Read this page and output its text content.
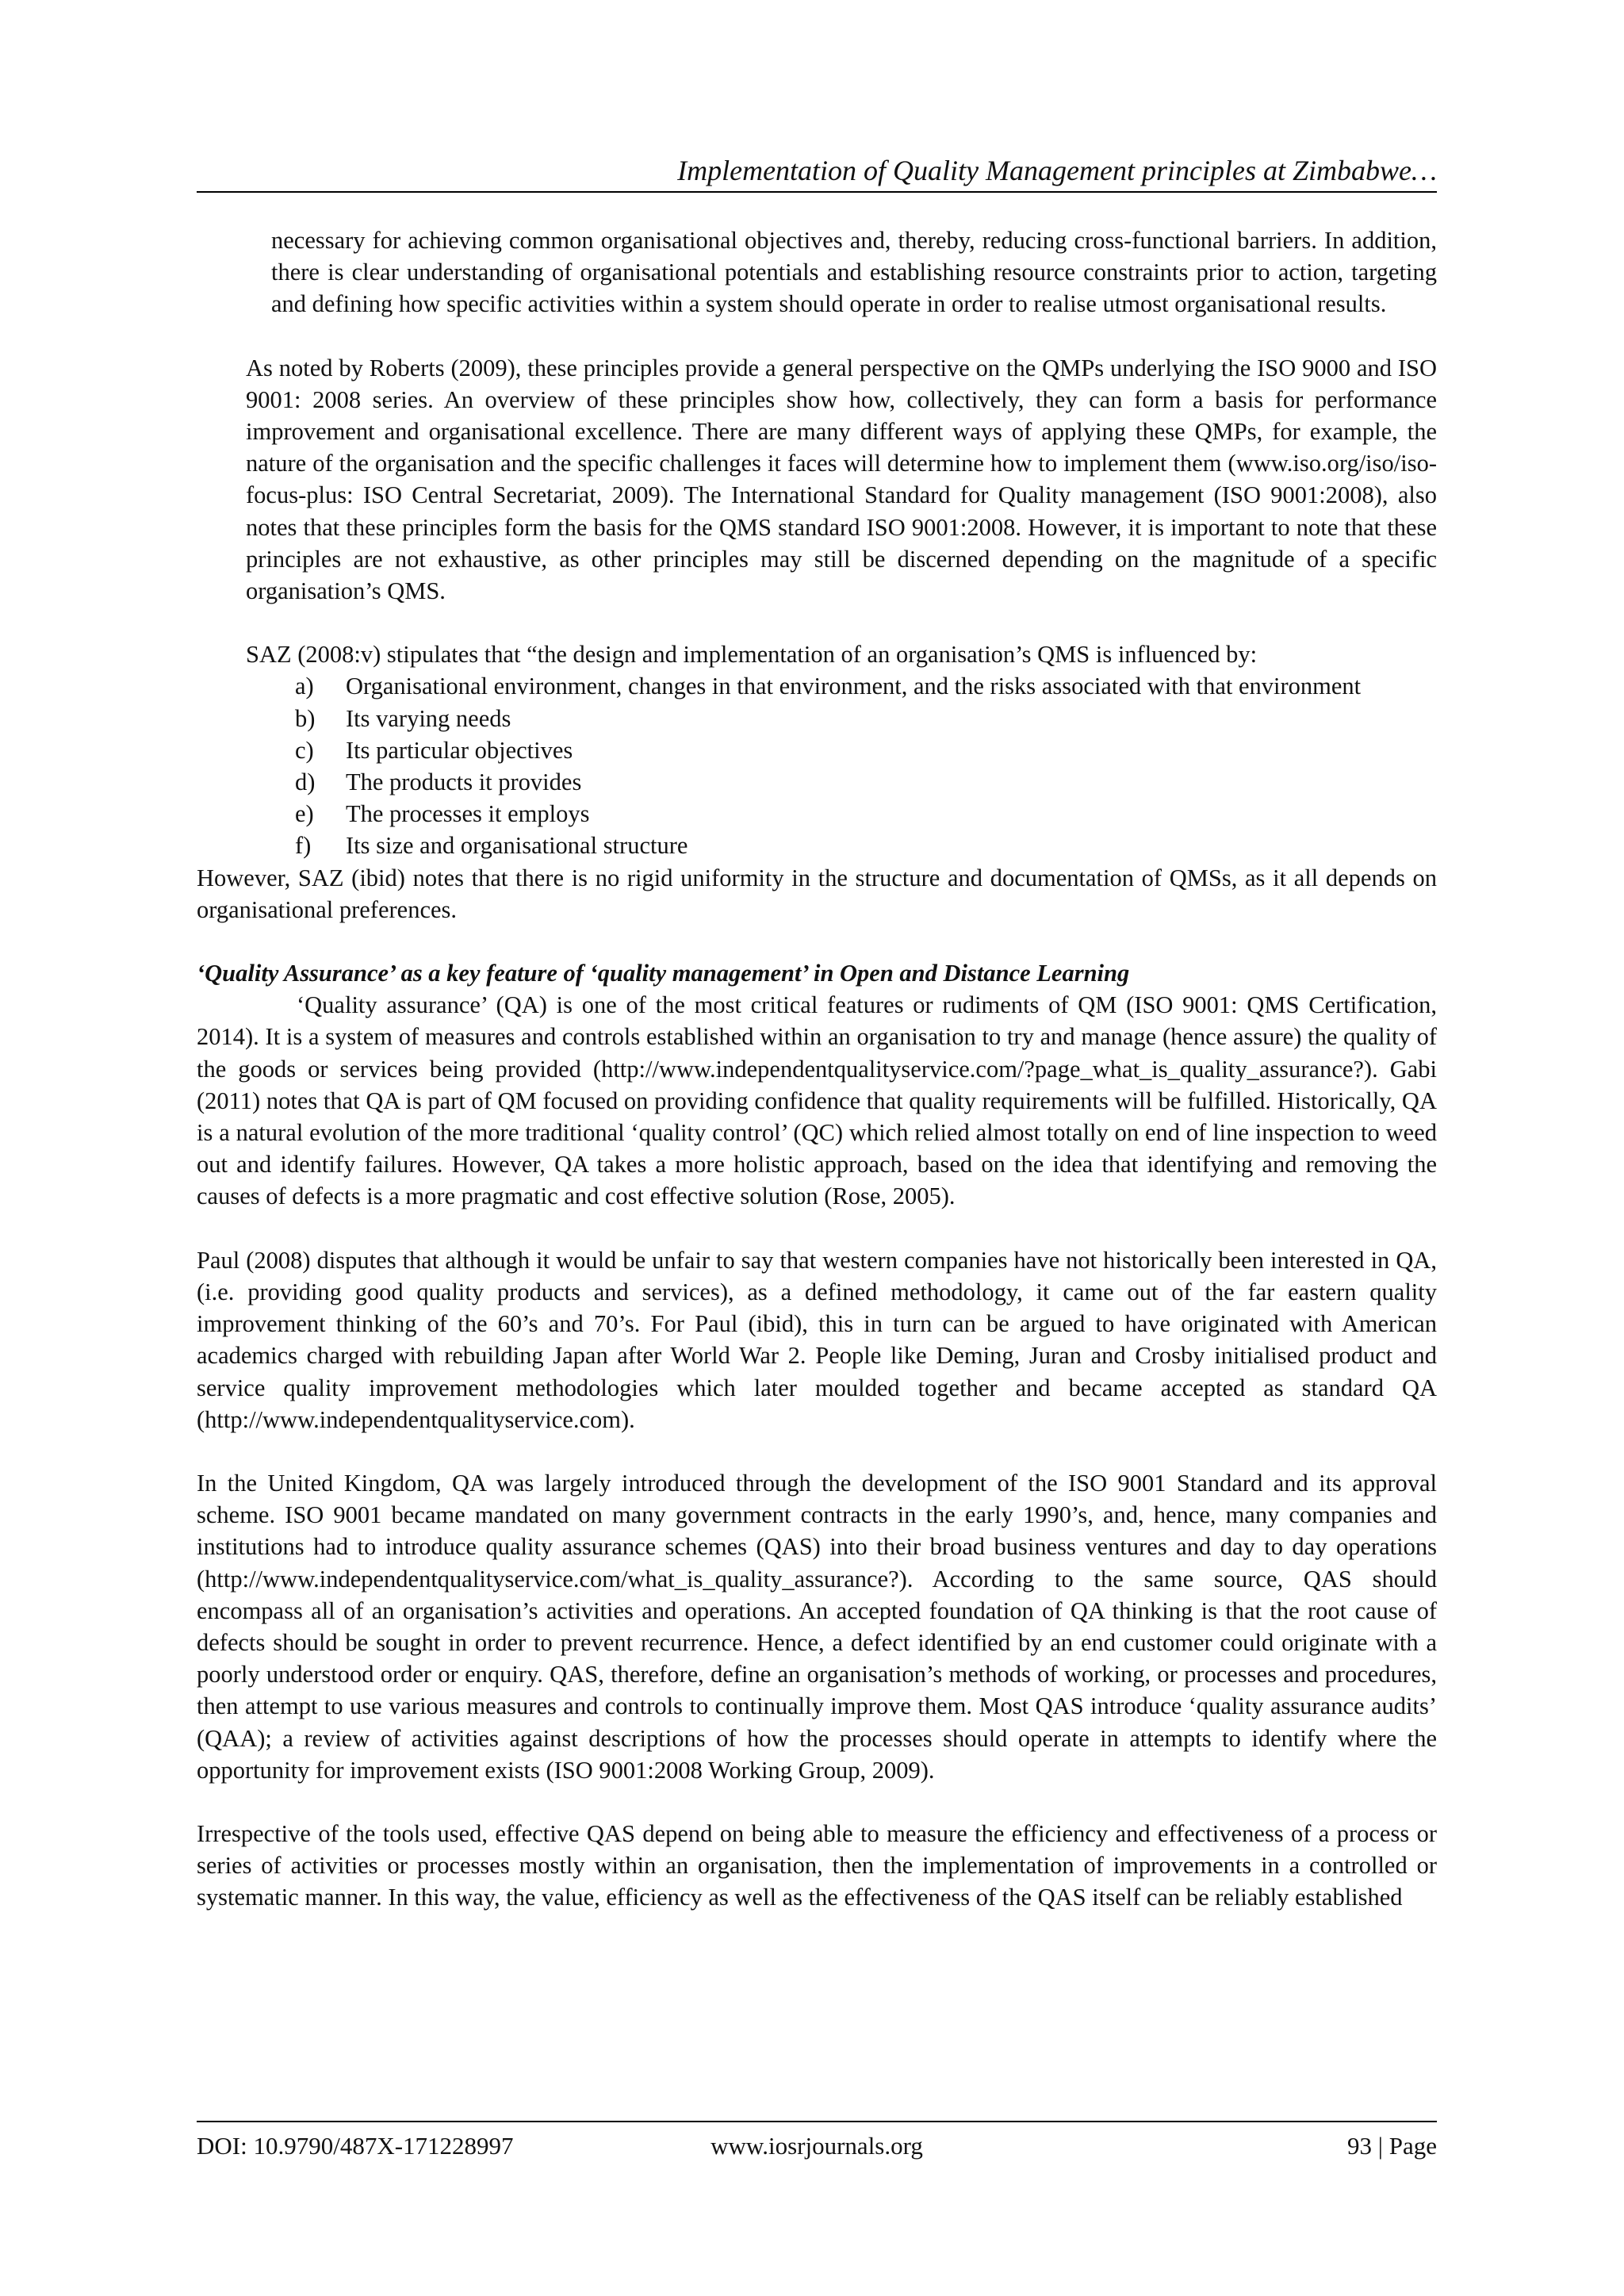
Implementation of Quality Management principles at Zimbabwe…

necessary for achieving common organisational objectives and, thereby, reducing cross-functional barriers. In addition, there is clear understanding of organisational potentials and establishing resource constraints prior to action, targeting and defining how specific activities within a system should operate in order to realise utmost organisational results.

As noted by Roberts (2009), these principles provide a general perspective on the QMPs underlying the ISO 9000 and ISO 9001: 2008 series. An overview of these principles show how, collectively, they can form a basis for performance improvement and organisational excellence. There are many different ways of applying these QMPs, for example, the nature of the organisation and the specific challenges it faces will determine how to implement them (www.iso.org/iso/iso-focus-plus: ISO Central Secretariat, 2009). The International Standard for Quality management (ISO 9001:2008), also notes that these principles form the basis for the QMS standard ISO 9001:2008. However, it is important to note that these principles are not exhaustive, as other principles may still be discerned depending on the magnitude of a specific organisation’s QMS.

SAZ (2008:v) stipulates that “the design and implementation of an organisation’s QMS is influenced by:

a) Organisational environment, changes in that environment, and the risks associated with that environment
b) Its varying needs
c) Its particular objectives
d) The products it provides
e) The processes it employs
f) Its size and organisational structure

However, SAZ (ibid) notes that there is no rigid uniformity in the structure and documentation of QMSs, as it all depends on organisational preferences.

‘Quality Assurance’ as a key feature of ‘quality management’ in Open and Distance Learning

‘Quality assurance’ (QA) is one of the most critical features or rudiments of QM (ISO 9001: QMS Certification, 2014). It is a system of measures and controls established within an organisation to try and manage (hence assure) the quality of the goods or services being provided (http://www.independentqualityservice.com/?page_what_is_quality_assurance?). Gabi (2011) notes that QA is part of QM focused on providing confidence that quality requirements will be fulfilled. Historically, QA is a natural evolution of the more traditional ‘quality control’ (QC) which relied almost totally on end of line inspection to weed out and identify failures. However, QA takes a more holistic approach, based on the idea that identifying and removing the causes of defects is a more pragmatic and cost effective solution (Rose, 2005).

Paul (2008) disputes that although it would be unfair to say that western companies have not historically been interested in QA, (i.e. providing good quality products and services), as a defined methodology, it came out of the far eastern quality improvement thinking of the 60’s and 70’s. For Paul (ibid), this in turn can be argued to have originated with American academics charged with rebuilding Japan after World War 2. People like Deming, Juran and Crosby initialised product and service quality improvement methodologies which later moulded together and became accepted as standard QA (http://www.independentqualityservice.com).

In the United Kingdom, QA was largely introduced through the development of the ISO 9001 Standard and its approval scheme. ISO 9001 became mandated on many government contracts in the early 1990’s, and, hence, many companies and institutions had to introduce quality assurance schemes (QAS) into their broad business ventures and day to day operations (http://www.independentqualityservice.com/what_is_quality_assurance?). According to the same source, QAS should encompass all of an organisation’s activities and operations. An accepted foundation of QA thinking is that the root cause of defects should be sought in order to prevent recurrence. Hence, a defect identified by an end customer could originate with a poorly understood order or enquiry. QAS, therefore, define an organisation’s methods of working, or processes and procedures, then attempt to use various measures and controls to continually improve them. Most QAS introduce ‘quality assurance audits’ (QAA); a review of activities against descriptions of how the processes should operate in attempts to identify where the opportunity for improvement exists (ISO 9001:2008 Working Group, 2009).

Irrespective of the tools used, effective QAS depend on being able to measure the efficiency and effectiveness of a process or series of activities or processes mostly within an organisation, then the implementation of improvements in a controlled or systematic manner. In this way, the value, efficiency as well as the effectiveness of the QAS itself can be reliably established

DOI: 10.9790/487X-171228997	www.iosrjournals.org	93 | Page
